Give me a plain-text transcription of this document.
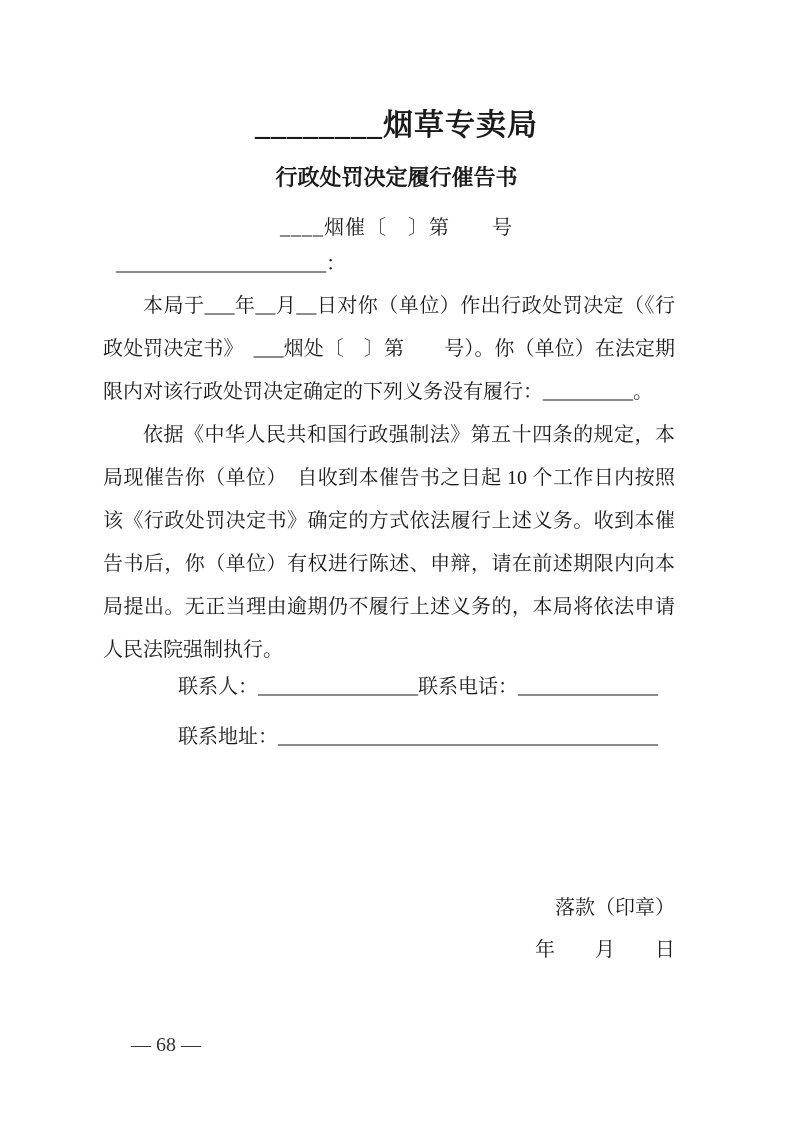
________烟草专卖局
行政处罚决定履行催告书
____烟催〔　〕第　　号
_____________________：

本局于___年__月__日对你（单位）作出行政处罚决定（《行政处罚决定书》　___烟处〔　〕第　　号）。你（单位）在法定期限内对该行政处罚决定确定的下列义务没有履行：_________。

依据《中华人民共和国行政强制法》第五十四条的规定，本局现催告你（单位）　自收到本催告书之日起 10 个工作日内按照该《行政处罚决定书》确定的方式依法履行上述义务。收到本催告书后，你（单位）有权进行陈述、申辩，请在前述期限内向本局提出。无正当理由逾期仍不履行上述义务的，本局将依法申请人民法院强制执行。

联系人：________________联系电话：______________
联系地址：______________________________________
落款（印章）
年　　月　　日
— 68 —
